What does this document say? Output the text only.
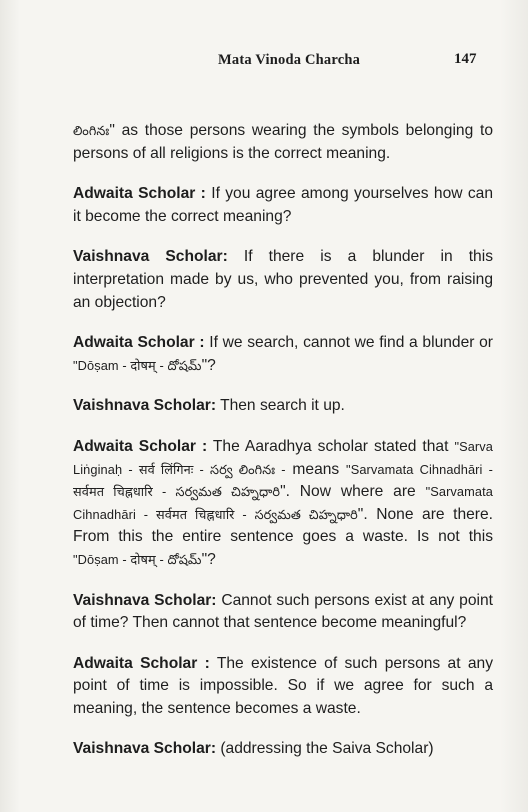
Mata Vinoda Charcha	147

లింగినః" as those persons wearing the symbols belonging to persons of all religions is the correct meaning.

Adwaita Scholar : If you agree among yourselves how can it become the correct meaning?

Vaishnava Scholar: If there is a blunder in this interpretation made by us, who prevented you, from raising an objection?

Adwaita Scholar : If we search, cannot we find a blunder or "Dōṣam - दोषम् - దోషమ్"?

Vaishnava Scholar: Then search it up.

Adwaita Scholar : The Aaradhya scholar stated that "Sarva Liṅginaḥ - सर्व लिंगिनः - సర్వ లింగినః - means "Sarvamata Cihnadhāri - सर्वमत चिह्नधारि - సర్వమత చిహ్నధారి". Now where are "Sarvamata Cihnadhāri - सर्वमत चिह्नधारि - సర్వమత చిహ్నధారి". None are there. From this the entire sentence goes a waste. Is not this "Dōṣam - दोषम् - దోషమ్"?

Vaishnava Scholar: Cannot such persons exist at any point of time? Then cannot that sentence become meaningful?

Adwaita Scholar : The existence of such persons at any point of time is impossible. So if we agree for such a meaning, the sentence becomes a waste.

Vaishnava Scholar: (addressing the Saiva Scholar)
